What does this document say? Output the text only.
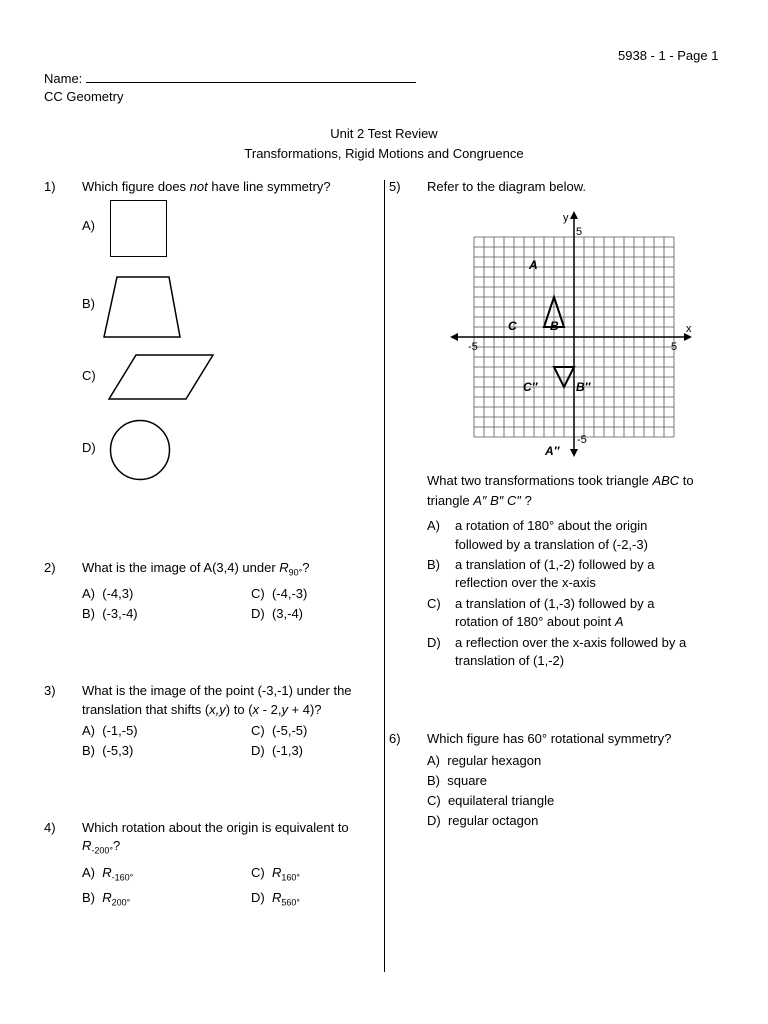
5938 - 1 - Page 1
Name:
CC Geometry
Unit 2 Test Review
Transformations, Rigid Motions and Congruence
1) Which figure does not have line symmetry?
A)
B)
C)
D)
2) What is the image of A(3,4) under $R_{90^\circ}$?
A) (-4,3)
B) (-3,-4)
C) (-4,-3)
D) (3,-4)
3) What is the image of the point (-3,-1) under the
translation that shifts (x,y) to (x - 2,y + 4)?
A) (-1,-5)
B) (-5,3)
C) (-5,-5)
D) (-1,3)
4) Which rotation about the origin is equivalent to
$R_{-200^\circ}$?
A) $R_{-160^\circ}$
B) $R_{200^\circ}$
C) $R_{160^\circ}$
D) $R_{560^\circ}$
5) Refer to the diagram below.
x
y
-5	5
5
-5
A
B
C
A″
B″
C″
What two transformations took triangle ABC to
triangle A″ B″ C″ ?
A) a rotation of 180° about the origin
followed by a translation of (-2,-3)
B) a translation of (1,-2) followed by a
reflection over the x-axis
C) a translation of (1,-3) followed by a
rotation of 180° about point A
D) a reflection over the x-axis followed by a
translation of (1,-2)
6) Which figure has 60° rotational symmetry?
A) regular hexagon
B) square
C) equilateral triangle
D) regular octagon
